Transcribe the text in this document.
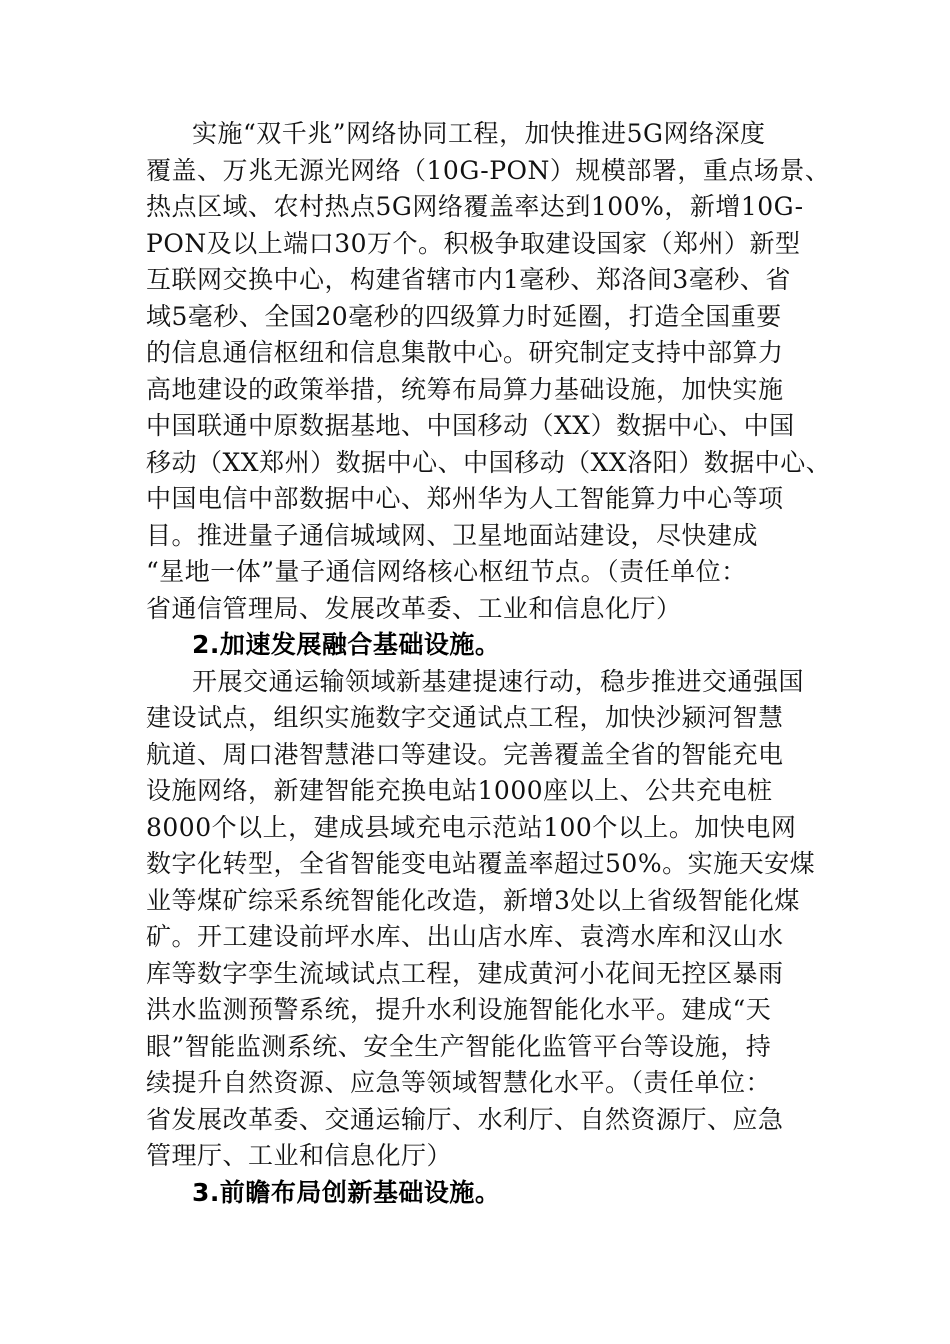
实施“双千兆”网络协同工程，加快推进5G网络深度
覆盖、万兆无源光网络（10G-PON）规模部署，重点场景、
热点区域、农村热点5G网络覆盖率达到100%，新增10G-
PON及以上端口30万个。积极争取建设国家（郑州）新型
互联网交换中心，构建省辖市内1毫秒、郑洛间3毫秒、省
域5毫秒、全国20毫秒的四级算力时延圈，打造全国重要
的信息通信枢纽和信息集散中心。研究制定支持中部算力
高地建设的政策举措，统筹布局算力基础设施，加快实施
中国联通中原数据基地、中国移动（XX）数据中心、中国
移动（XX郑州）数据中心、中国移动（XX洛阳）数据中心、
中国电信中部数据中心、郑州华为人工智能算力中心等项
目。推进量子通信城域网、卫星地面站建设，尽快建成
“星地一体”量子通信网络核心枢纽节点。（责任单位：
省通信管理局、发展改革委、工业和信息化厅）
2.加速发展融合基础设施。
开展交通运输领域新基建提速行动，稳步推进交通强国
建设试点，组织实施数字交通试点工程，加快沙颍河智慧
航道、周口港智慧港口等建设。完善覆盖全省的智能充电
设施网络，新建智能充换电站1000座以上、公共充电桩
8000个以上，建成县域充电示范站100个以上。加快电网
数字化转型，全省智能变电站覆盖率超过50%。实施天安煤
业等煤矿综采系统智能化改造，新增3处以上省级智能化煤
矿。开工建设前坪水库、出山店水库、袁湾水库和汉山水
库等数字孪生流域试点工程，建成黄河小花间无控区暴雨
洪水监测预警系统，提升水利设施智能化水平。建成“天
眼”智能监测系统、安全生产智能化监管平台等设施，持
续提升自然资源、应急等领域智慧化水平。（责任单位：
省发展改革委、交通运输厅、水利厅、自然资源厅、应急
管理厅、工业和信息化厅）
3.前瞻布局创新基础设施。
